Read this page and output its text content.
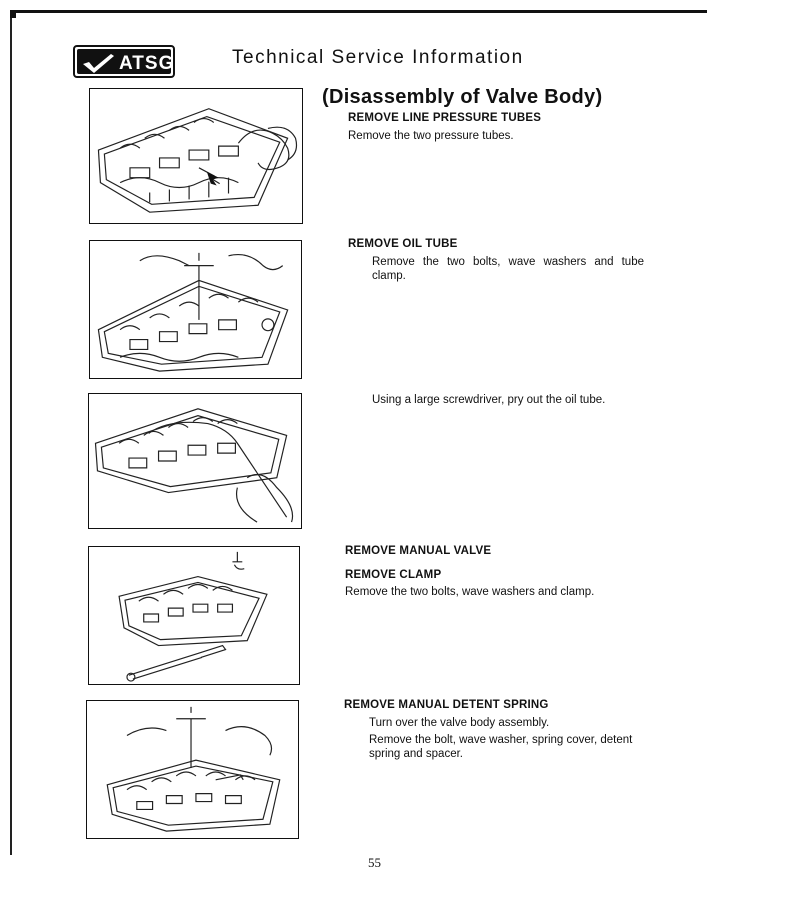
ATSG	Technical Service Information
(Disassembly of Valve Body)
REMOVE LINE PRESSURE TUBES
Remove the two pressure tubes.
REMOVE OIL TUBE
Remove the two bolts, wave washers and tube clamp.
Using a large screwdriver, pry out the oil tube.
REMOVE MANUAL VALVE
REMOVE CLAMP
Remove the two bolts, wave washers and clamp.
REMOVE MANUAL DETENT SPRING
Turn over the valve body assembly.
Remove the bolt, wave washer, spring cover, detent spring and spacer.
55
